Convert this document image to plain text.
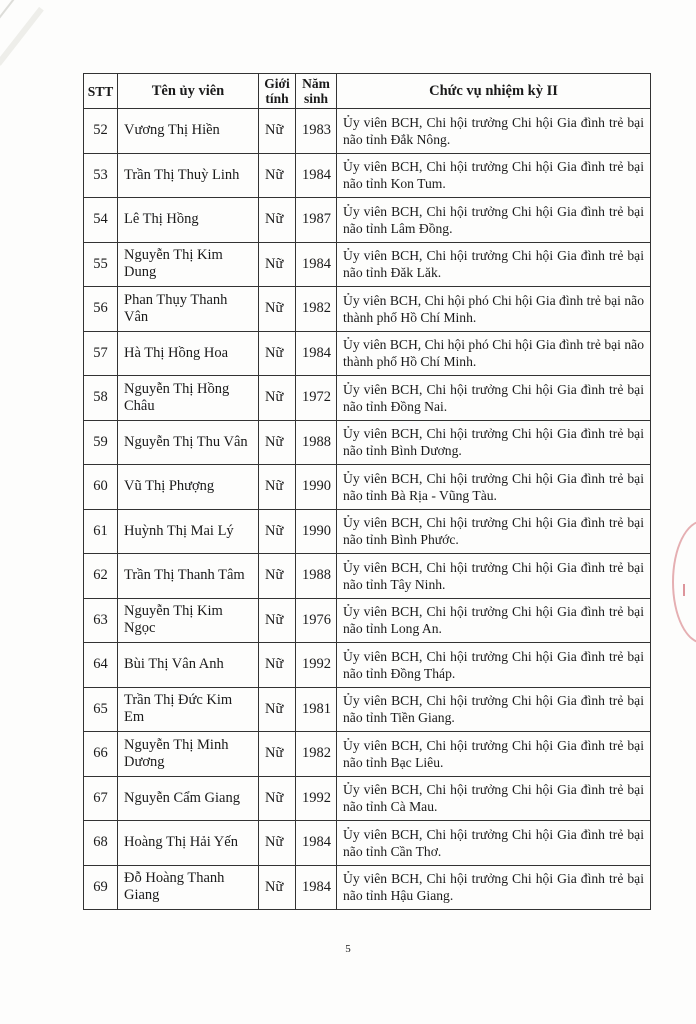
STT	Tên ủy viên	Giới tính	Năm sinh	Chức vụ nhiệm kỳ II
52	Vương Thị Hiền	Nữ	1983	Ủy viên BCH, Chi hội trưởng Chi hội Gia đình trẻ bại não tỉnh Đắk Nông.
53	Trần Thị Thuỳ Linh	Nữ	1984	Ủy viên BCH, Chi hội trưởng Chi hội Gia đình trẻ bại não tỉnh Kon Tum.
54	Lê Thị Hồng	Nữ	1987	Ủy viên BCH, Chi hội trưởng Chi hội Gia đình trẻ bại não tỉnh Lâm Đồng.
55	Nguyễn Thị Kim Dung	Nữ	1984	Ủy viên BCH, Chi hội trưởng Chi hội Gia đình trẻ bại não tỉnh Đăk Lăk.
56	Phan Thụy Thanh Vân	Nữ	1982	Ủy viên BCH, Chi hội phó Chi hội Gia đình trẻ bại não thành phố Hồ Chí Minh.
57	Hà Thị Hồng Hoa	Nữ	1984	Ủy viên BCH, Chi hội phó Chi hội Gia đình trẻ bại não thành phố Hồ Chí Minh.
58	Nguyễn Thị Hồng Châu	Nữ	1972	Ủy viên BCH, Chi hội trưởng Chi hội Gia đình trẻ bại não tỉnh Đồng Nai.
59	Nguyễn Thị Thu Vân	Nữ	1988	Ủy viên BCH, Chi hội trưởng Chi hội Gia đình trẻ bại não tỉnh Bình Dương.
60	Vũ Thị Phượng	Nữ	1990	Ủy viên BCH, Chi hội trưởng Chi hội Gia đình trẻ bại não tỉnh Bà Rịa - Vũng Tàu.
61	Huỳnh Thị Mai Lý	Nữ	1990	Ủy viên BCH, Chi hội trưởng Chi hội Gia đình trẻ bại não tỉnh Bình Phước.
62	Trần Thị Thanh Tâm	Nữ	1988	Ủy viên BCH, Chi hội trưởng Chi hội Gia đình trẻ bại não tỉnh Tây Ninh.
63	Nguyễn Thị Kim Ngọc	Nữ	1976	Ủy viên BCH, Chi hội trưởng Chi hội Gia đình trẻ bại não tỉnh Long An.
64	Bùi Thị Vân Anh	Nữ	1992	Ủy viên BCH, Chi hội trưởng Chi hội Gia đình trẻ bại não tỉnh Đồng Tháp.
65	Trần Thị Đức Kim Em	Nữ	1981	Ủy viên BCH, Chi hội trưởng Chi hội Gia đình trẻ bại não tỉnh Tiền Giang.
66	Nguyễn Thị Minh Dương	Nữ	1982	Ủy viên BCH, Chi hội trưởng Chi hội Gia đình trẻ bại não tỉnh Bạc Liêu.
67	Nguyễn Cẩm Giang	Nữ	1992	Ủy viên BCH, Chi hội trưởng Chi hội Gia đình trẻ bại não tỉnh Cà Mau.
68	Hoàng Thị Hải Yến	Nữ	1984	Ủy viên BCH, Chi hội trưởng Chi hội Gia đình trẻ bại não tỉnh Cần Thơ.
69	Đỗ Hoàng Thanh Giang	Nữ	1984	Ủy viên BCH, Chi hội trưởng Chi hội Gia đình trẻ bại não tỉnh Hậu Giang.
5
